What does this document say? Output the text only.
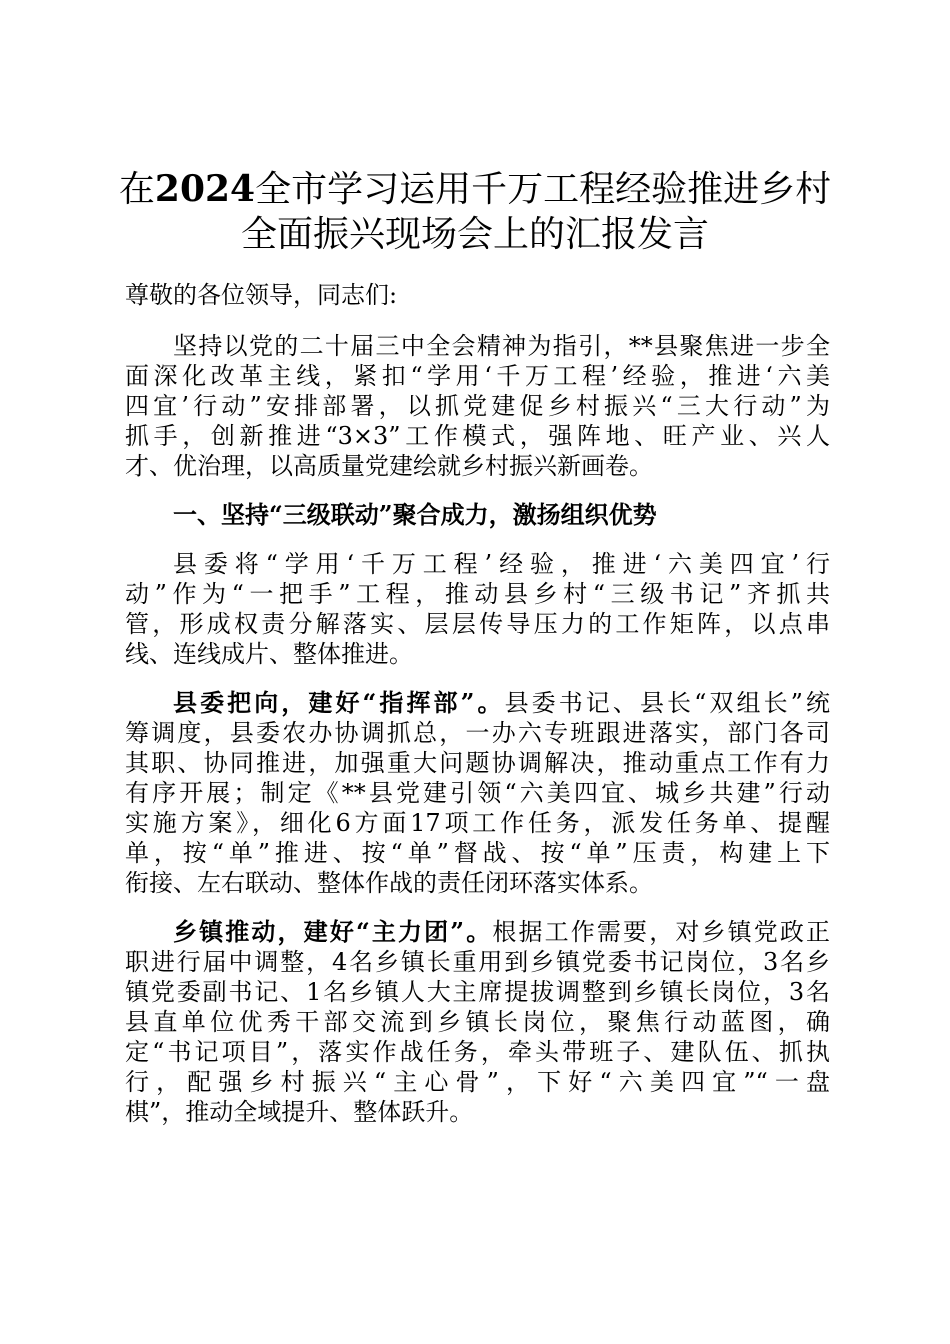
在2024全市学习运用千万工程经验推进乡村
全面振兴现场会上的汇报发言
尊敬的各位领导，同志们:
坚持以党的二十届三中全会精神为指引，**县聚焦进一步全
面深化改革主线，紧扣“学用‘千万工程’经验，推进‘六美
四宜’行动”安排部署，以抓党建促乡村振兴“三大行动”为
抓手，创新推进“3×3”工作模式，强阵地、旺产业、兴人
才、优治理，以高质量党建绘就乡村振兴新画卷。
一、坚持“三级联动”聚合成力，激扬组织优势
县委将“学用‘千万工程’经验，推进‘六美四宜’行
动”作为“一把手”工程，推动县乡村“三级书记”齐抓共
管，形成权责分解落实、层层传导压力的工作矩阵，以点串
线、连线成片、整体推进。
县委把向，建好“指挥部”。县委书记、县长“双组长”统
筹调度，县委农办协调抓总，一办六专班跟进落实，部门各司
其职、协同推进，加强重大问题协调解决，推动重点工作有力
有序开展；制定《**县党建引领“六美四宜、城乡共建”行动
实施方案》，细化6方面17项工作任务，派发任务单、提醒
单，按“单”推进、按“单”督战、按“单”压责，构建上下
衔接、左右联动、整体作战的责任闭环落实体系。
乡镇推动，建好“主力团”。根据工作需要，对乡镇党政正
职进行届中调整，4名乡镇长重用到乡镇党委书记岗位，3名乡
镇党委副书记、1名乡镇人大主席提拔调整到乡镇长岗位，3名
县直单位优秀干部交流到乡镇长岗位，聚焦行动蓝图，确
定“书记项目”，落实作战任务，牵头带班子、建队伍、抓执
行，配强乡村振兴“主心骨”，下好“六美四宜”“一盘
棋”，推动全域提升、整体跃升。
